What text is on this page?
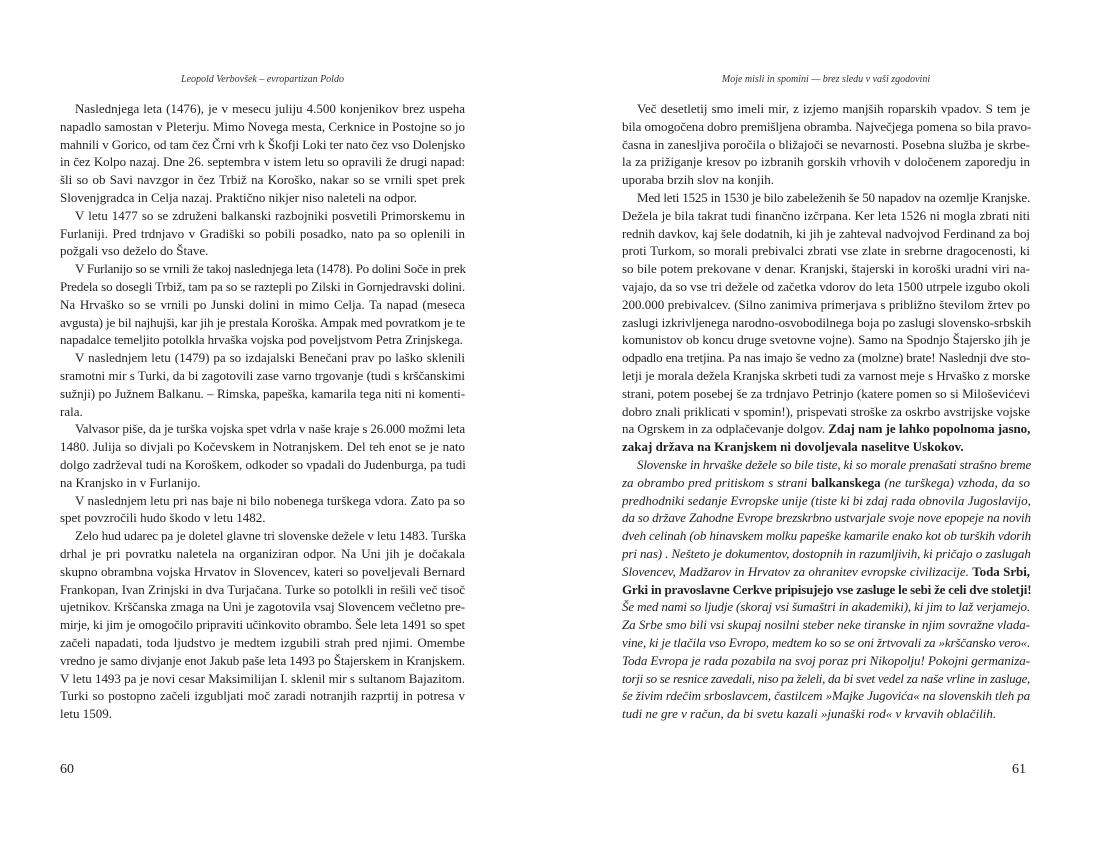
Leopold Verbovšek – evropartizan Poldo
Naslednjega leta (1476), je v mesecu juliju 4.500 konjenikov brez uspeha
napadlo samostan v Pleterju. Mimo Novega mesta, Cerknice in Postojne so jo
mahnili v Gorico, od tam čez Črni vrh k Škofji Loki ter nato čez vso Dolenjsko
in čez Kolpo nazaj. Dne 26. septembra v istem letu so opravili že drugi napad:
šli so ob Savi navzgor in čez Trbiž na Koroško, nakar so se vrnili spet prek
Slovenjgradca in Celja nazaj. Praktično nikjer niso naleteli na odpor.
V letu 1477 so se združeni balkanski razbojniki posvetili Primorskemu in
Furlaniji. Pred trdnjavo v Gradiški so pobili posadko, nato pa so oplenili in
požgali vso deželo do Štave.
V Furlanijo so se vrnili že takoj naslednjega leta (1478). Po dolini Soče in prek
Predela so dosegli Trbiž, tam pa so se raztepli po Zilski in Gornjedravski dolini.
Na Hrvaško so se vrnili po Junski dolini in mimo Celja. Ta napad (meseca
avgusta) je bil najhujši, kar jih je prestala Koroška. Ampak med povratkom je te
napadalce temeljito potolkla hrvaška vojska pod poveljstvom Petra Zrinjskega.
V naslednjem letu (1479) pa so izdajalski Benečani prav po laško sklenili
sramotni mir s Turki, da bi zagotovili zase varno trgovanje (tudi s krščanskimi
sužnji) po Južnem Balkanu. – Rimska, papeška, kamarila tega niti ni komenti-
rala.
Valvasor piše, da je turška vojska spet vdrla v naše kraje s 26.000 možmi leta
1480. Julija so divjali po Kočevskem in Notranjskem. Del teh enot se je nato
dolgo zadrževal tudi na Koroškem, odkoder so vpadali do Judenburga, pa tudi
na Kranjsko in v Furlanijo.
V naslednjem letu pri nas baje ni bilo nobenega turškega vdora. Zato pa so
spet povzročili hudo škodo v letu 1482.
Zelo hud udarec pa je doletel glavne tri slovenske dežele v letu 1483. Turška
drhal je pri povratku naletela na organiziran odpor. Na Uni jih je dočakala
skupno obrambna vojska Hrvatov in Slovencev, kateri so poveljevali Bernard
Frankopan, Ivan Zrinjski in dva Turjačana. Turke so potolkli in rešili več tisoč
ujetnikov. Krščanska zmaga na Uni je zagotovila vsaj Slovencem večletno pre-
mirje, ki jim je omogočilo pripraviti učinkovito obrambo. Šele leta 1491 so spet
začeli napadati, toda ljudstvo je medtem izgubili strah pred njimi. Omembe
vredno je samo divjanje enot Jakub paše leta 1493 po Štajerskem in Kranjskem.
V letu 1493 pa je novi cesar Maksimilijan I. sklenil mir s sultanom Bajazitom.
Turki so postopno začeli izgubljati moč zaradi notranjih razprtij in potresa v
letu 1509.
60
Moje misli in spomini — brez sledu v vaši zgodovini
Več desetletij smo imeli mir, z izjemo manjših roparskih vpadov. S tem je
bila omogočena dobro premišljena obramba. Največjega pomena so bila pravo-
časna in zanesljiva poročila o bližajoči se nevarnosti. Posebna služba je skrbe-
la za prižiganje kresov po izbranih gorskih vrhovih v določenem zaporedju in
uporaba brzih slov na konjih.
Med leti 1525 in 1530 je bilo zabeleženih še 50 napadov na ozemlje Kranjske.
Dežela je bila takrat tudi finančno izčrpana. Ker leta 1526 ni mogla zbrati niti
rednih davkov, kaj šele dodatnih, ki jih je zahteval nadvojvod Ferdinand za boj
proti Turkom, so morali prebivalci zbrati vse zlate in srebrne dragocenosti, ki
so bile potem prekovane v denar. Kranjski, štajerski in koroški uradni viri na-
vajajo, da so vse tri dežele od začetka vdorov do leta 1500 utrpele izgubo okoli
200.000 prebivalcev. (Silno zanimiva primerjava s približno številom žrtev po
zaslugi izkrivljenega narodno-osvobodilnega boja po zaslugi slovensko-srbskih
komunistov ob koncu druge svetovne vojne). Samo na Spodnjo Štajersko jih je
odpadlo ena tretjina. Pa nas imajo še vedno za (molzne) brate! Naslednji dve sto-
letji je morala dežela Kranjska skrbeti tudi za varnost meje s Hrvaško z morske
strani, potem posebej še za trdnjavo Petrinjo (katere pomen so si Miloševićevi
dobro znali priklicati v spomin!), prispevati stroške za oskrbo avstrijske vojske
na Ogrskem in za odplačevanje dolgov. Zdaj nam je lahko popolnoma jasno,
zakaj država na Kranjskem ni dovoljevala naselitve Uskokov.
Slovenske in hrvaške dežele so bile tiste, ki so morale prenašati strašno breme
za obrambo pred pritiskom s strani balkanskega (ne turškega) vzhoda, da so
predhodniki sedanje Evropske unije (tiste ki bi zdaj rada obnovila Jugoslavijo,
da so države Zahodne Evrope brezskrbno ustvarjale svoje nove epopeje na novih
dveh celinah (ob hinavskem molku papeške kamarile enako kot ob turških vdorih
pri nas) . Nešteto je dokumentov, dostopnih in razumljivih, ki pričajo o zaslugah
Slovencev, Madžarov in Hrvatov za ohranitev evropske civilizacije. Toda Srbi,
Grki in pravoslavne Cerkve pripisujejo vse zasluge le sebi že celi dve stoletji!
Še med nami so ljudje (skoraj vsi šumaštri in akademiki), ki jim to laž verjamejo.
Za Srbe smo bili vsi skupaj nosilni steber neke tiranske in njim sovražne vlada-
vine, ki je tlačila vso Evropo, medtem ko so se oni žrtvovali za »krščansko vero«.
Toda Evropa je rada pozabila na svoj poraz pri Nikopolju! Pokojni germaniza-
torji so se resnice zavedali, niso pa želeli, da bi svet vedel za naše vrline in zasluge,
še živim rdečim srboslavcem, častilcem »Majke Jugovića« na slovenskih tleh pa
tudi ne gre v račun, da bi svetu kazali »junaški rod« v krvavih oblačilih.
61
